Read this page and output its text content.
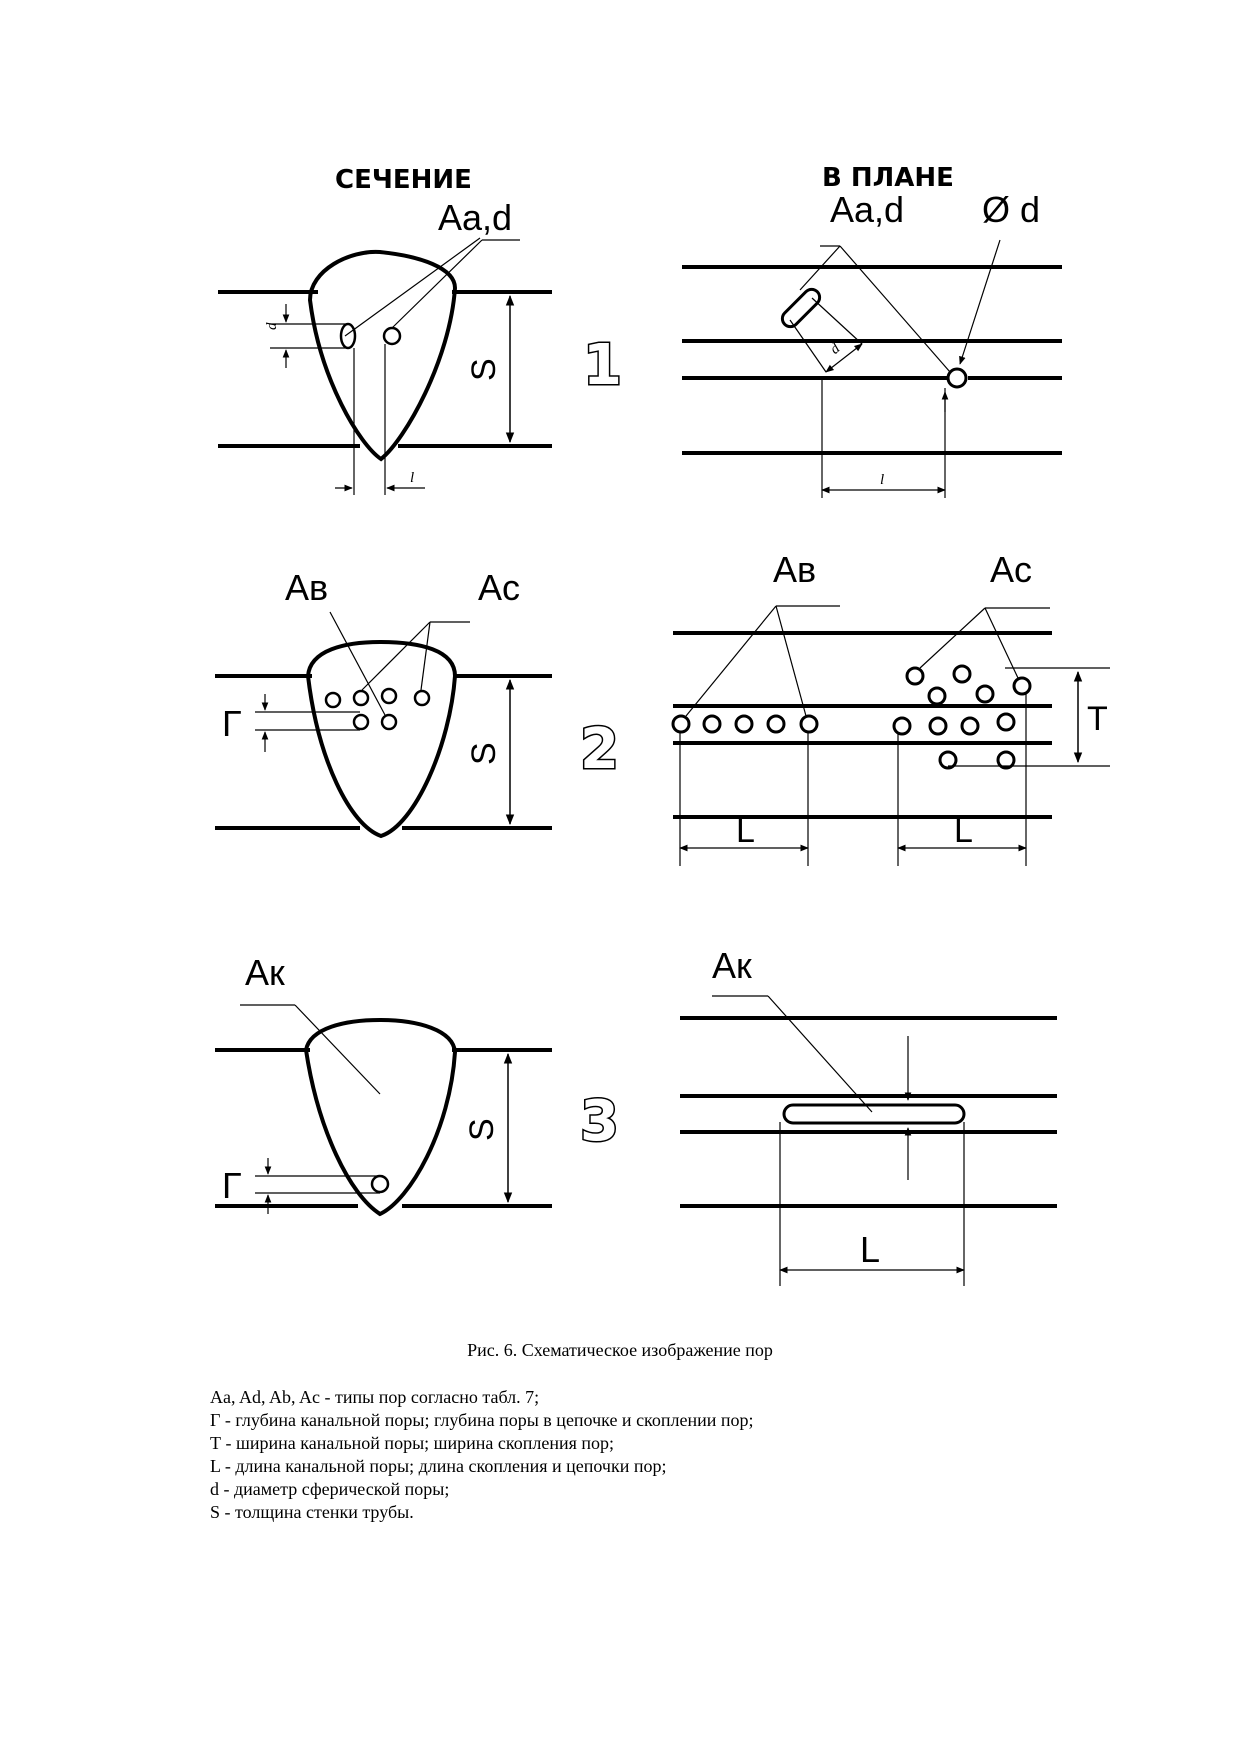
СЕЧЕНИЕ	В ПЛАНЕ
Aa,d
d
l
S 1
Aa,d Ø d
d
l
Ав	Ас
Г
S 2
Ав	Ас
T
L	L
Ак
Г
S 3
Ак
L
Рис. 6. Схематическое изображение пор
Aa, Ad, Ab, Ac - типы пор согласно табл. 7;
Г - глубина канальной поры; глубина поры в цепочке и скоплении пор;
Т - ширина канальной поры; ширина скопления пор;
L - длина канальной поры; длина скопления и цепочки пор;
d - диаметр сферической поры;
S - толщина стенки трубы.
